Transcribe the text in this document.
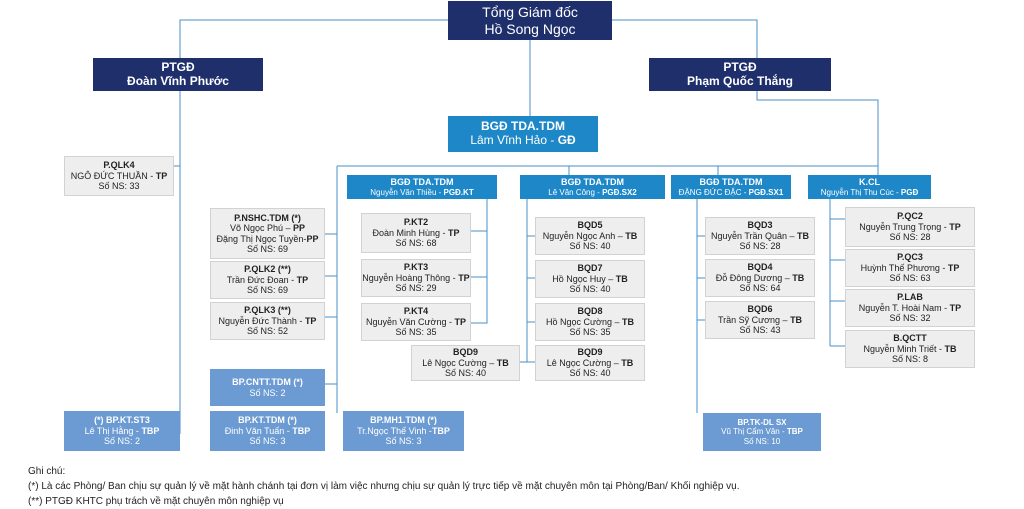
Tổng Giám đốc
Hồ Song Ngọc
PTGĐ
Đoàn Vĩnh Phước
PTGĐ
Phạm Quốc Thắng
BGĐ TDA.TDM
Lâm Vĩnh Hảo - GĐ
P.QLK4
NGÔ ĐỨC THUẦN - TP
Số NS: 33
P.NSHC.TDM (*)
Võ Ngọc Phú – PP
Đặng Thị Ngọc Tuyền-PP
Số NS: 69
P.QLK2 (**)
Trần Đức Đoan - TP
Số NS: 69
P.QLK3 (**)
Nguyễn Đức Thành - TP
Số NS: 52
BP.CNTT.TDM (*)
Số NS: 2
(*) BP.KT.ST3
Lê Thị Hằng - TBP
Số NS: 2
BP.KT.TDM (*)
Đinh Văn Tuấn - TBP
Số NS: 3
BP.MH1.TDM (*)
Tr.Ngọc Thế Vinh -TBP
Số NS: 3
BGĐ TDA.TDM
Nguyễn Văn Thiều - PGĐ.KT
BGĐ TDA.TDM
Lê Văn Công - PGĐ.SX2
BGĐ TDA.TDM
ĐẶNG ĐỨC ĐẶC - PGĐ.SX1
K.CL
Nguyễn Thị Thu Cúc - PGĐ
P.KT2
Đoàn Minh Hùng - TP
Số NS: 68
P.KT3
Nguyễn Hoàng Thông - TP
Số NS: 29
P.KT4
Nguyễn Văn Cường - TP
Số NS: 35
BQD9
Lê Ngọc Cường – TB
Số NS: 40
BQD5
Nguyễn Ngọc Anh – TB
Số NS: 40
BQD7
Hồ Ngọc Huy – TB
Số NS: 40
BQD8
Hồ Ngọc Cường – TB
Số NS: 35
BQD9
Lê Ngọc Cường – TB
Số NS: 40
BQD3
Nguyễn Trần Quân – TB
Số NS: 28
BQD4
Đỗ Đông Dương – TB
Số NS: 64
BQD6
Trần Sỹ Cương – TB
Số NS: 43
BP.TK-DL SX
Vũ Thị Cẩm Vân - TBP
Số NS: 10
P.QC2
Nguyễn Trung Trọng - TP
Số NS: 28
P.QC3
Huỳnh Thế Phương - TP
Số NS: 63
P.LAB
Nguyễn T. Hoài Nam - TP
Số NS: 32
B.QCTT
Nguyễn Minh Triết - TB
Số NS: 8
Ghi chú:
(*) Là các Phòng/ Ban chịu sự quản lý về mặt hành chánh tại đơn vị làm việc nhưng chịu sự quản lý trực tiếp về mặt chuyên môn tại Phòng/Ban/ Khối nghiệp vụ.
(**) PTGĐ KHTC phụ trách về mặt chuyên môn nghiệp vụ
